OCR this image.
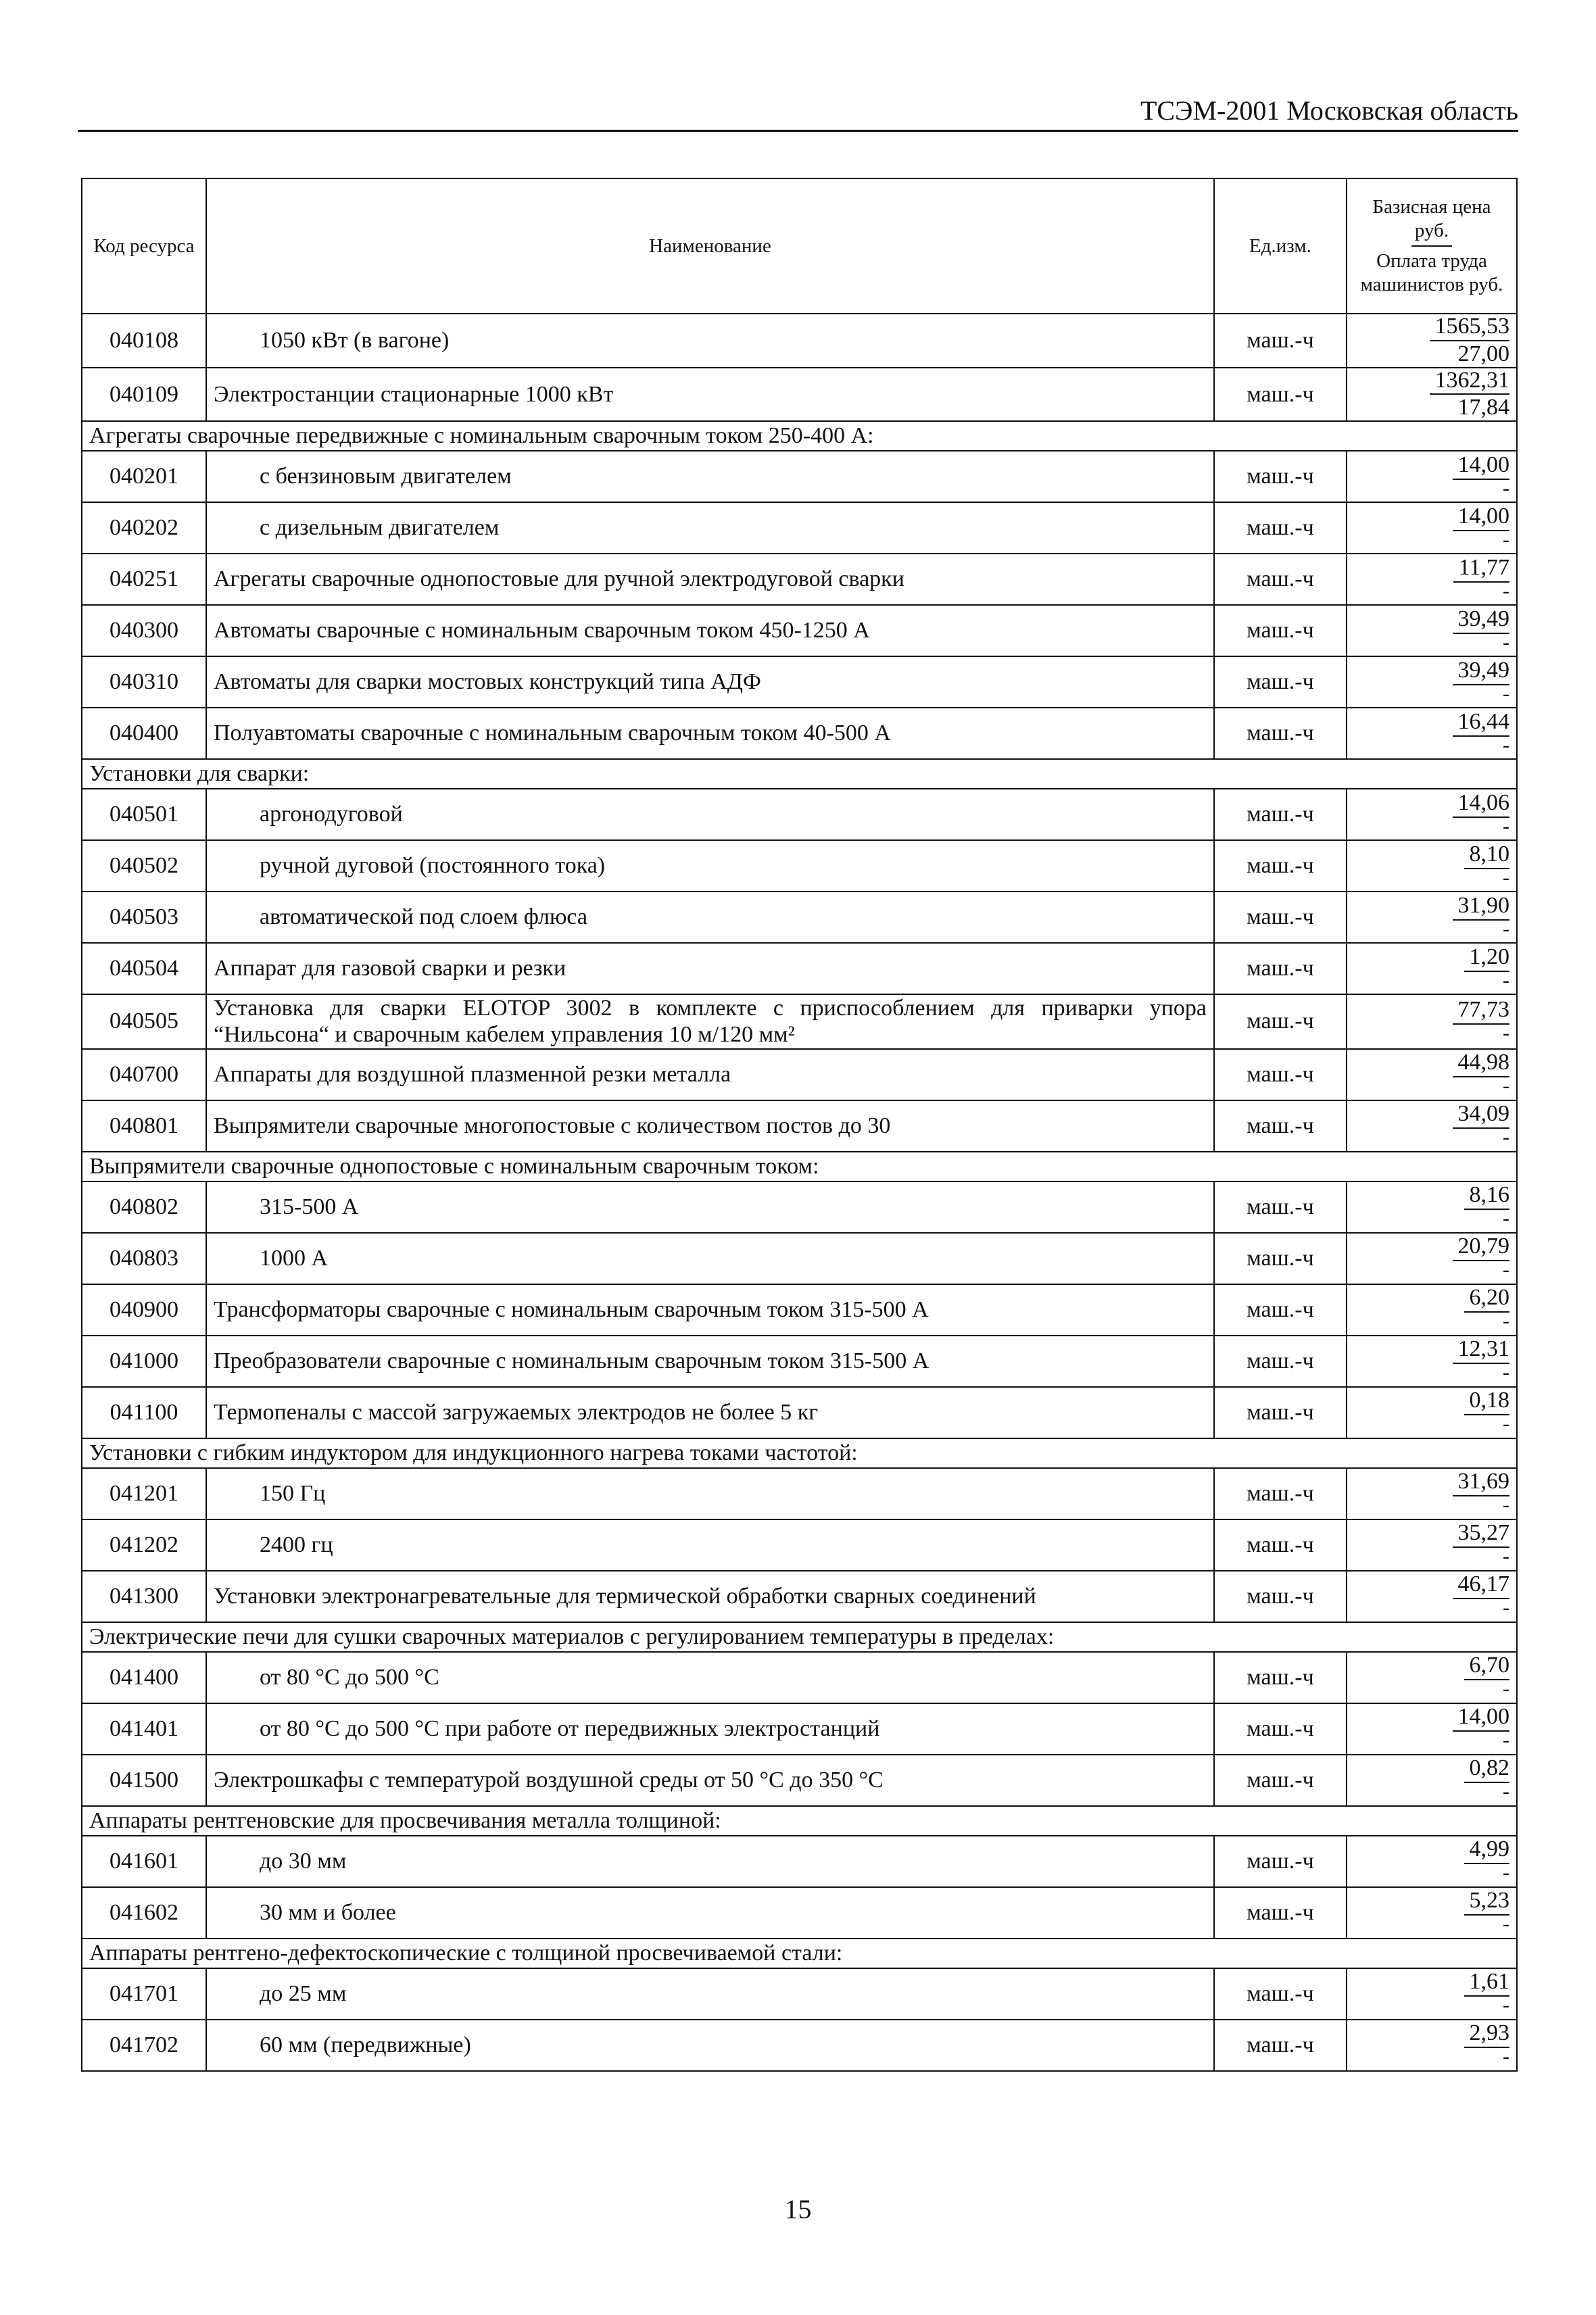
ТСЭМ-2001 Московская область
Код ресурса	Наименование	Ед.изм.	Базисная цена руб.
Оплата труда машинистов руб.

040108	1050 кВт (в вагоне)	маш.-ч	$\frac{1565,53}{27,00}$

040109	Электростанции стационарные 1000 кВт	маш.-ч	$\frac{1362,31}{17,84}$

Агрегаты сварочные передвижные с номинальным сварочным током 250-400 А:			
040201	с бензиновым двигателем	маш.-ч	$\frac{14,00}{-}$

040202	с дизельным двигателем	маш.-ч	$\frac{14,00}{-}$

040251	Агрегаты сварочные однопостовые для ручной электродуговой сварки	маш.-ч	$\frac{11,77}{-}$

040300	Автоматы сварочные с номинальным сварочным током 450-1250 А	маш.-ч	$\frac{39,49}{-}$

040310	Автоматы для сварки мостовых конструкций типа АДФ	маш.-ч	$\frac{39,49}{-}$

040400	Полуавтоматы сварочные с номинальным сварочным током 40-500 А	маш.-ч	$\frac{16,44}{-}$

Установки для сварки:			
040501	аргонодуговой	маш.-ч	$\frac{14,06}{-}$

040502	ручной дуговой (постоянного тока)	маш.-ч	$\frac{8,10}{-}$

040503	автоматической под слоем флюса	маш.-ч	$\frac{31,90}{-}$

040504	Аппарат для газовой сварки и резки	маш.-ч	$\frac{1,20}{-}$

040505	Установка для сварки ELOTOP 3002 в комплекте с приспособлением для приварки упора “Нильсона“ и сварочным кабелем управления 10 м/120 мм²	маш.-ч	$\frac{77,73}{-}$

040700	Аппараты для воздушной плазменной резки металла	маш.-ч	$\frac{44,98}{-}$

040801	Выпрямители сварочные многопостовые с количеством постов до 30	маш.-ч	$\frac{34,09}{-}$

Выпрямители сварочные однопостовые с номинальным сварочным током:			
040802	315-500 А	маш.-ч	$\frac{8,16}{-}$

040803	1000 А	маш.-ч	$\frac{20,79}{-}$

040900	Трансформаторы сварочные с номинальным сварочным током 315-500 А	маш.-ч	$\frac{6,20}{-}$

041000	Преобразователи сварочные с номинальным сварочным током 315-500 А	маш.-ч	$\frac{12,31}{-}$

041100	Термопеналы с массой загружаемых электродов не более 5 кг	маш.-ч	$\frac{0,18}{-}$

Установки с гибким индуктором для индукционного нагрева токами частотой:			
041201	150 Гц	маш.-ч	$\frac{31,69}{-}$

041202	2400 гц	маш.-ч	$\frac{35,27}{-}$

041300	Установки электронагревательные для термической обработки сварных соединений	маш.-ч	$\frac{46,17}{-}$

Электрические печи для сушки сварочных материалов с регулированием температуры в пределах:			
041400	от 80 °С до 500 °С	маш.-ч	$\frac{6,70}{-}$

041401	от 80 °С до 500 °С при работе от передвижных электростанций	маш.-ч	$\frac{14,00}{-}$

041500	Электрошкафы с температурой воздушной среды от 50 °С до 350 °С	маш.-ч	$\frac{0,82}{-}$

Аппараты рентгеновские для просвечивания металла толщиной:			
041601	до 30 мм	маш.-ч	$\frac{4,99}{-}$

041602	30 мм и более	маш.-ч	$\frac{5,23}{-}$

Аппараты рентгено-дефектоскопические с толщиной просвечиваемой стали:			
041701	до 25 мм	маш.-ч	$\frac{1,61}{-}$

041702	60 мм (передвижные)	маш.-ч	$\frac{2,93}{-}$
15
